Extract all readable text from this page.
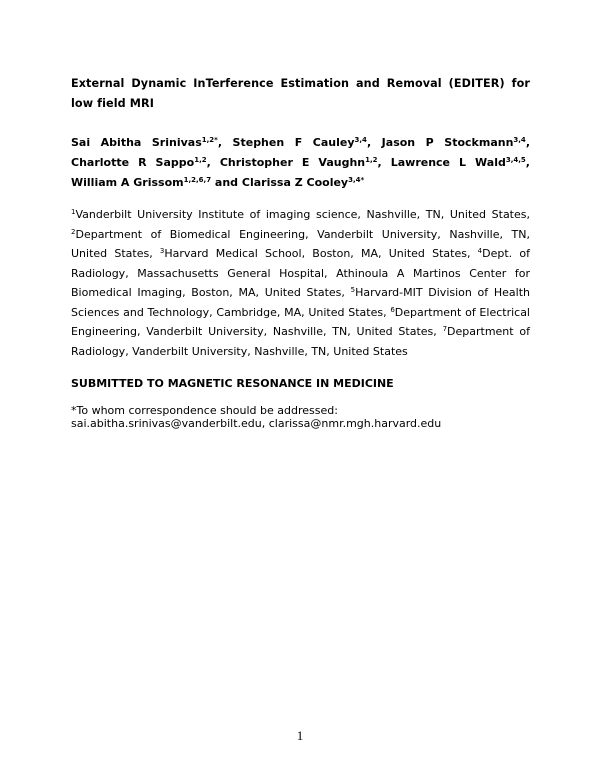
External Dynamic InTerference Estimation and Removal (EDITER) for low field MRI
Sai Abitha Srinivas$^{1,2*}$, Stephen F Cauley$^{3,4}$, Jason P Stockmann$^{3,4}$, Charlotte R Sappo$^{1,2}$, Christopher E Vaughn$^{1,2}$, Lawrence L Wald$^{3,4,5}$, William A Grissom$^{1,2,6,7}$ and Clarissa Z Cooley$^{3,4*}$
$^1$Vanderbilt University Institute of imaging science, Nashville, TN, United States, $^2$Department of Biomedical Engineering, Vanderbilt University, Nashville, TN, United States, $^3$Harvard Medical School, Boston, MA, United States, $^4$Dept. of Radiology, Massachusetts General Hospital, Athinoula A Martinos Center for Biomedical Imaging, Boston, MA, United States, $^5$Harvard-MIT Division of Health Sciences and Technology, Cambridge, MA, United States, $^6$Department of Electrical Engineering, Vanderbilt University, Nashville, TN, United States, $^7$Department of Radiology, Vanderbilt University, Nashville, TN, United States
SUBMITTED TO MAGNETIC RESONANCE IN MEDICINE
*To whom correspondence should be addressed:
sai.abitha.srinivas@vanderbilt.edu, clarissa@nmr.mgh.harvard.edu
1
